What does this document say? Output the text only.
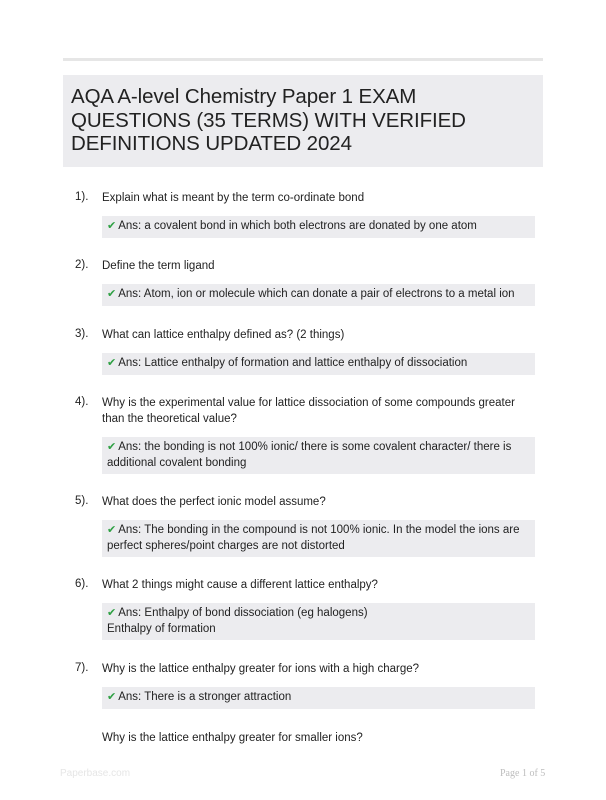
AQA A-level Chemistry Paper 1 EXAM QUESTIONS (35 TERMS) WITH VERIFIED DEFINITIONS UPDATED 2024
1). Explain what is meant by the term co-ordinate bond
✔ Ans: a covalent bond in which both electrons are donated by one atom
2). Define the term ligand
✔ Ans: Atom, ion or molecule which can donate a pair of electrons to a metal ion
3). What can lattice enthalpy defined as? (2 things)
✔ Ans: Lattice enthalpy of formation and lattice enthalpy of dissociation
4). Why is the experimental value for lattice dissociation of some compounds greater than the theoretical value?
✔ Ans: the bonding is not 100% ionic/ there is some covalent character/ there is additional covalent bonding
5). What does the perfect ionic model assume?
✔ Ans: The bonding in the compound is not 100% ionic. In the model the ions are perfect spheres/point charges are not distorted
6). What 2 things might cause a different lattice enthalpy?
✔ Ans: Enthalpy of bond dissociation (eg halogens)
Enthalpy of formation
7). Why is the lattice enthalpy greater for ions with a high charge?
✔ Ans: There is a stronger attraction
Why is the lattice enthalpy greater for smaller ions?
Paperbase.com	Page 1 of 5
